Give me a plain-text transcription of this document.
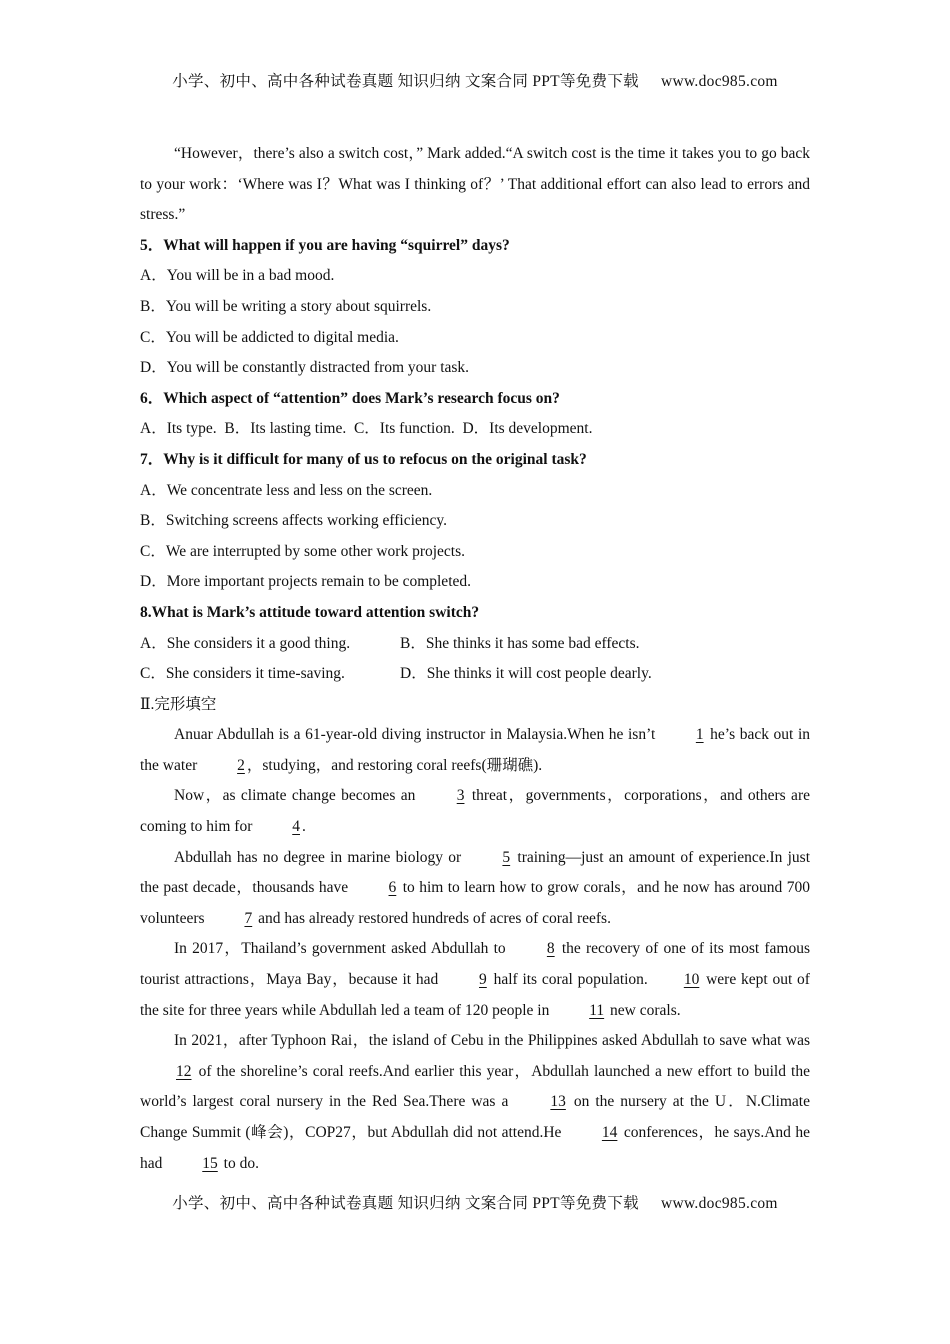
小学、初中、高中各种试卷真题 知识归纳 文案合同 PPT等免费下载 www.doc985.com

“However，there’s also a switch cost，” Mark added.“A switch cost is the time it takes you to go back to your work：‘Where was I？What was I thinking of？’ That additional effort can also lead to errors and stress.”

5．What will happen if you are having “squirrel” days?

A．You will be in a bad mood.

B．You will be writing a story about squirrels.

C．You will be addicted to digital media.

D．You will be constantly distracted from your task.

6．Which aspect of “attention” does Mark’s research focus on?

A．Its type.  B．Its lasting time.  C．Its function.  D．Its development.

7．Why is it difficult for many of us to refocus on the original task?

A．We concentrate less and less on the screen.

B．Switching screens affects working efficiency.

C．We are interrupted by some other work projects.

D．More important projects remain to be completed.

8.What is Mark’s attitude toward attention switch?

A．She considers it a good thing.	B．She thinks it has some bad effects.
C．She considers it time-saving.	D．She thinks it will cost people dearly.

Ⅱ.完形填空

Anuar Abdullah is a 61-year-old diving instructor in Malaysia.When he isn’t 1 he’s back out in the water 2 ，studying，and restoring coral reefs(珊瑚礁).

Now，as climate change becomes an 3 threat，governments，corporations，and others are coming to him for 4 .

Abdullah has no degree in marine biology or 5 training—just an amount of experience.In just the past decade，thousands have 6 to him to learn how to grow corals，and he now has around 700 volunteers 7 and has already restored hundreds of acres of coral reefs.

In 2017，Thailand’s government asked Abdullah to 8 the recovery of one of its most famous tourist attractions，Maya Bay，because it had 9 half its coral population. 10 were kept out of the site for three years while Abdullah led a team of 120 people in 11 new corals.

In 2021，after Typhoon Rai，the island of Cebu in the Philippines asked Abdullah to save what was 12 of the shoreline’s coral reefs.And earlier this year，Abdullah launched a new effort to build the world’s largest coral nursery in the Red Sea.There was a 13 on the nursery at the U．N.Climate Change Summit (峰会)，COP27，but Abdullah did not attend.He 14 conferences，he says.And he had 15 to do.

小学、初中、高中各种试卷真题 知识归纳 文案合同 PPT等免费下载 www.doc985.com
